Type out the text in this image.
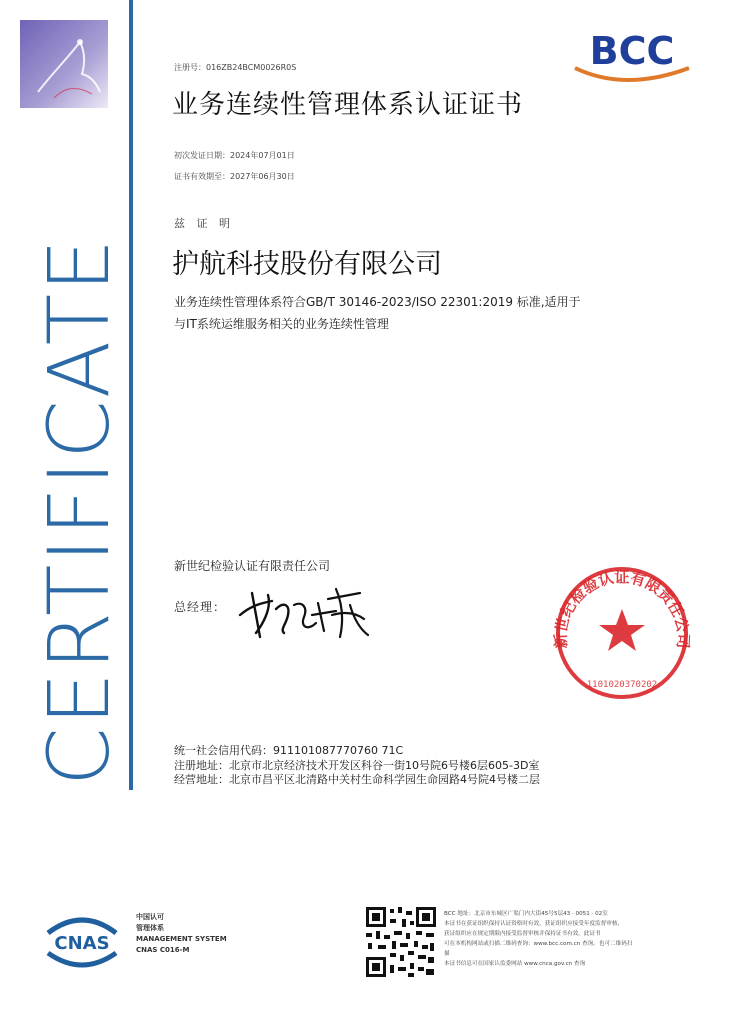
CERTIFICATE
BCC
注册号：016ZB24BCM0026R0S
业务连续性管理体系认证证书
初次发证日期：2024年07月01日
证书有效期至：2027年06月30日
兹 证 明
护航科技股份有限公司
业务连续性管理体系符合GB/T 30146-2023/ISO 22301:2019 标准,适用于
与IT系统运维服务相关的业务连续性管理
新世纪检验认证有限责任公司
总经理：
新世纪检验认证有限责任公司
1101020370202
统一社会信用代码：911101087770760 71C
注册地址：北京市北京经济技术开发区科谷一街10号院6号楼6层605-3D室
经营地址：北京市昌平区北清路中关村生命科学园生命园路4号院4号楼二层
CNAS
中国认可
管理体系
MANAGEMENT SYSTEM
CNAS C016-M
BCC 地址：北京市东城区广渠门内大街45号5层43 · 0051 · 02室
本证书在获证组织保持认证资格时有效，获证组织应接受年度监督审核，
获证组织应在规定期限内接受监督审核并保持证书有效。此证书
可在本机构网站或扫描二维码查询：www.bcc.com.cn 查询。也可二维码扫描
本证书信息可在国家认监委网站 www.cnca.gov.cn 查询
